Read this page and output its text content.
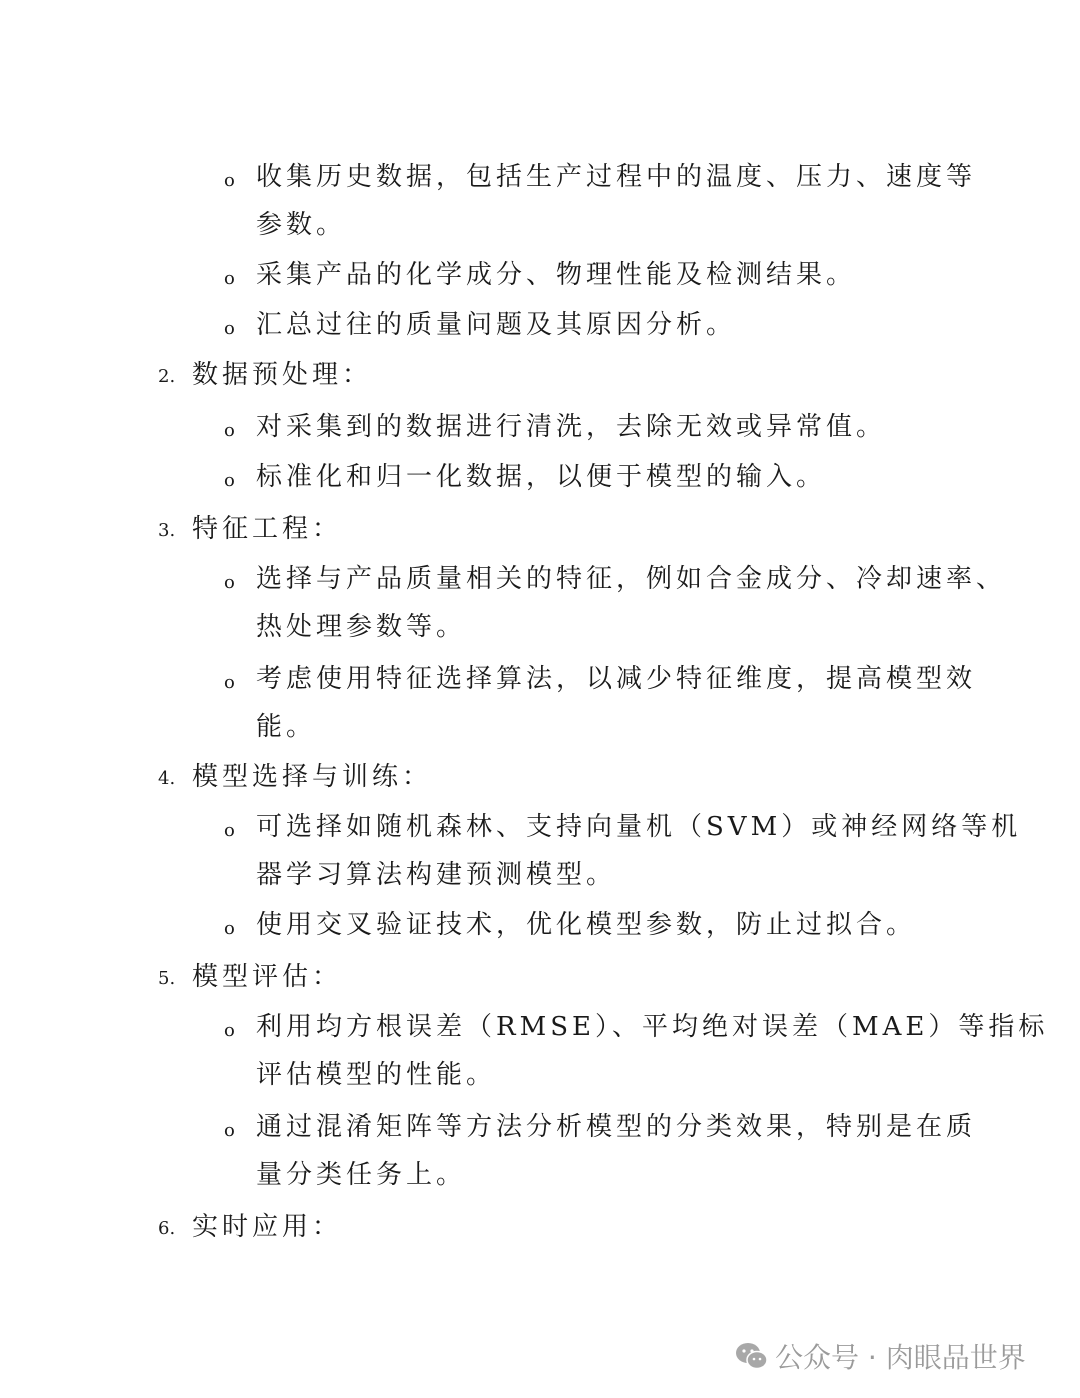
o 收集历史数据，包括生产过程中的温度、压力、速度等
参数。
o 采集产品的化学成分、物理性能及检测结果。
o 汇总过往的质量问题及其原因分析。
2. 数据预处理：
o 对采集到的数据进行清洗，去除无效或异常值。
o 标准化和归一化数据，以便于模型的输入。
3. 特征工程：
o 选择与产品质量相关的特征，例如合金成分、冷却速率、
热处理参数等。
o 考虑使用特征选择算法，以减少特征维度，提高模型效
能。
4. 模型选择与训练：
o 可选择如随机森林、支持向量机（SVM）或神经网络等机
器学习算法构建预测模型。
o 使用交叉验证技术，优化模型参数，防止过拟合。
5. 模型评估：
o 利用均方根误差（RMSE）、平均绝对误差（MAE）等指标
评估模型的性能。
o 通过混淆矩阵等方法分析模型的分类效果，特别是在质
量分类任务上。
6. 实时应用：
公众号 · 肉眼品世界
